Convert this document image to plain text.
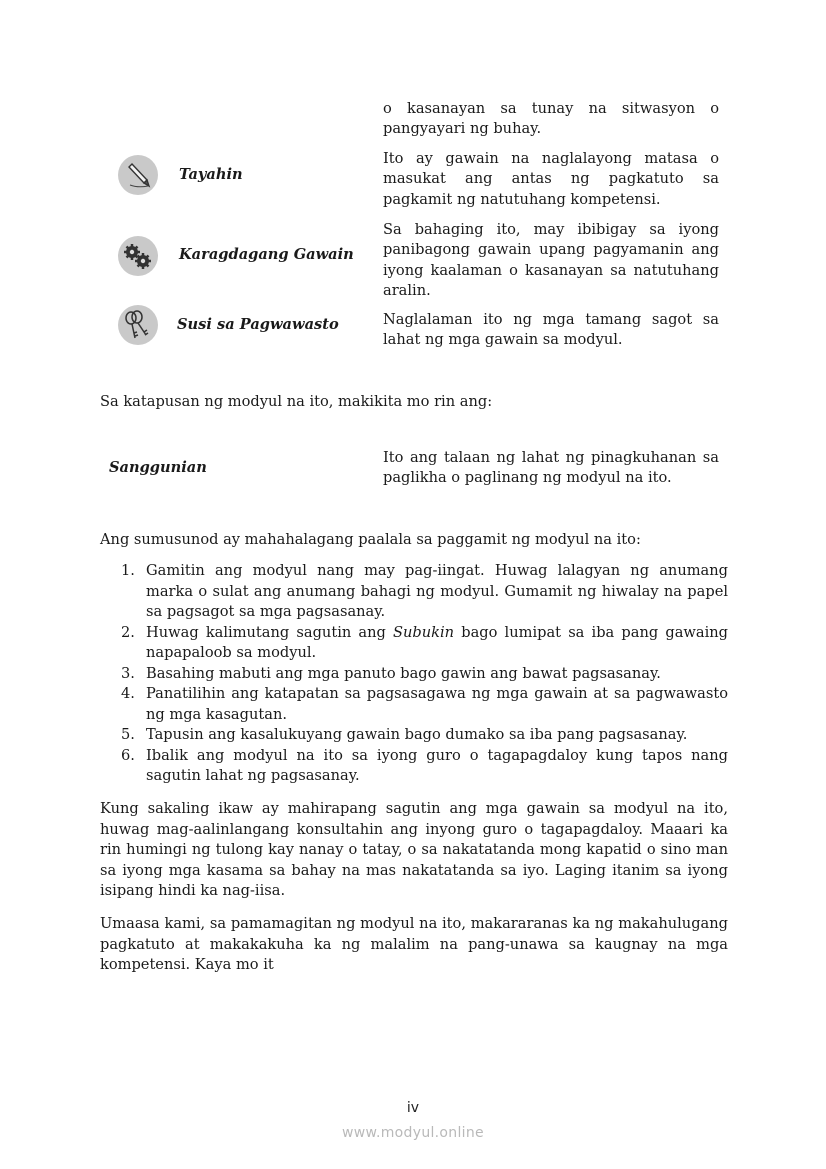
o kasanayan sa tunay na sitwasyon o pangyayari ng buhay.
Tayahin
Ito ay gawain na naglalayong matasa o masukat ang antas ng pagkatuto sa pagkamit ng natutuhang kompetensi.
Karagdagang Gawain
Sa bahaging ito, may ibibigay sa iyong panibagong gawain upang pagyamanin ang iyong kaalaman o kasanayan sa natutuhang aralin.
Susi sa Pagwawasto	Naglalaman ito ng mga tamang sagot sa lahat ng mga gawain sa modyul.
Sa katapusan ng modyul na ito, makikita mo rin ang:
Sanggunian
Ito ang talaan ng lahat ng pinagkuhanan sa paglikha o paglinang ng modyul na ito.
Ang sumusunod ay mahahalagang paalala sa paggamit ng modyul na ito:
1. Gamitin ang modyul nang may pag-iingat. Huwag lalagyan ng anumang marka o sulat ang anumang bahagi ng modyul. Gumamit ng hiwalay na papel sa pagsagot sa mga pagsasanay.
2. Huwag kalimutang sagutin ang Subukin bago lumipat sa iba pang gawaing napapaloob sa modyul.
3. Basahing mabuti ang mga panuto bago gawin ang bawat pagsasanay.
4. Panatilihin ang katapatan sa pagsasagawa ng mga gawain at sa pagwawasto ng mga kasagutan.
5. Tapusin ang kasalukuyang gawain bago dumako sa iba pang pagsasanay.
6. Ibalik ang modyul na ito sa iyong guro o tagapagdaloy kung tapos nang sagutin lahat ng pagsasanay.
Kung sakaling ikaw ay mahirapang sagutin ang mga gawain sa modyul na ito, huwag mag-aalinlangang konsultahin ang inyong guro o tagapagdaloy. Maaari ka rin humingi ng tulong kay nanay o tatay, o sa nakatatanda mong kapatid o sino man sa iyong mga kasama sa bahay na mas nakatatanda sa iyo. Laging itanim sa iyong isipang hindi ka nag-iisa.
Umaasa kami, sa pamamagitan ng modyul na ito, makararanas ka ng makahulugang pagkatuto at makakakuha ka ng malalim na pang-unawa sa kaugnay na mga kompetensi. Kaya mo it
iv
www.modyul.online
